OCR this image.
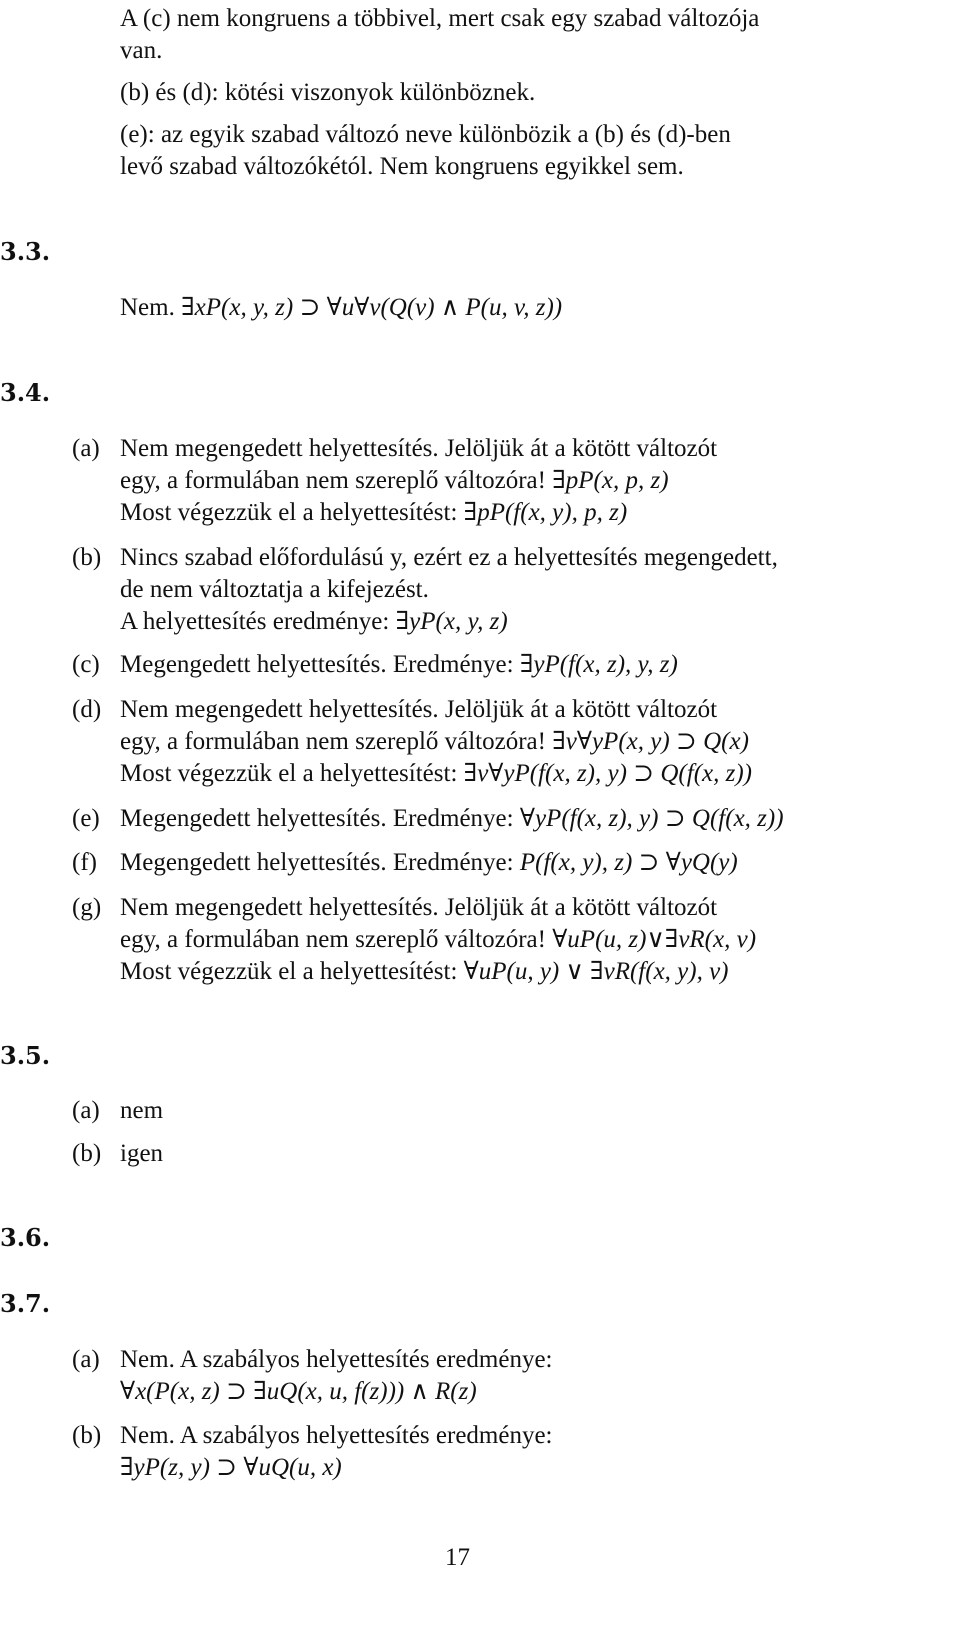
A (c) nem kongruens a többivel, mert csak egy szabad változója
van.
(b) és (d): kötési viszonyok különböznek.
(e): az egyik szabad változó neve különbözik a (b) és (d)-ben
levő szabad változókétól. Nem kongruens egyikkel sem.
3.3.
Nem. ∃xP(x, y, z) ⊃ ∀u∀v(Q(v) ∧ P(u, v, z))
3.4.
(a) Nem megengedett helyettesítés. Jelöljük át a kötött változót
egy, a formulában nem szereplő változóra! ∃pP(x, p, z)
Most végezzük el a helyettesítést: ∃pP(f(x, y), p, z)
(b) Nincs szabad előfordulású y, ezért ez a helyettesítés megengedett,
de nem változtatja a kifejezést.
A helyettesítés eredménye: ∃yP(x, y, z)
(c) Megengedett helyettesítés. Eredménye: ∃yP(f(x, z), y, z)
(d) Nem megengedett helyettesítés. Jelöljük át a kötött változót
egy, a formulában nem szereplő változóra! ∃v∀yP(x, y) ⊃ Q(x)
Most végezzük el a helyettesítést: ∃v∀yP(f(x, z), y) ⊃ Q(f(x, z))
(e) Megengedett helyettesítés. Eredménye: ∀yP(f(x, z), y) ⊃ Q(f(x, z))
(f) Megengedett helyettesítés. Eredménye: P(f(x, y), z) ⊃ ∀yQ(y)
(g) Nem megengedett helyettesítés. Jelöljük át a kötött változót
egy, a formulában nem szereplő változóra! ∀uP(u, z)∨∃vR(x, v)
Most végezzük el a helyettesítést: ∀uP(u, y) ∨ ∃vR(f(x, y), v)
3.5.
(a) nem
(b) igen
3.6.
3.7.
(a) Nem. A szabályos helyettesítés eredménye:
∀x(P(x, z) ⊃ ∃uQ(x, u, f(z))) ∧ R(z)
(b) Nem. A szabályos helyettesítés eredménye:
∃yP(z, y) ⊃ ∀uQ(u, x)
17
